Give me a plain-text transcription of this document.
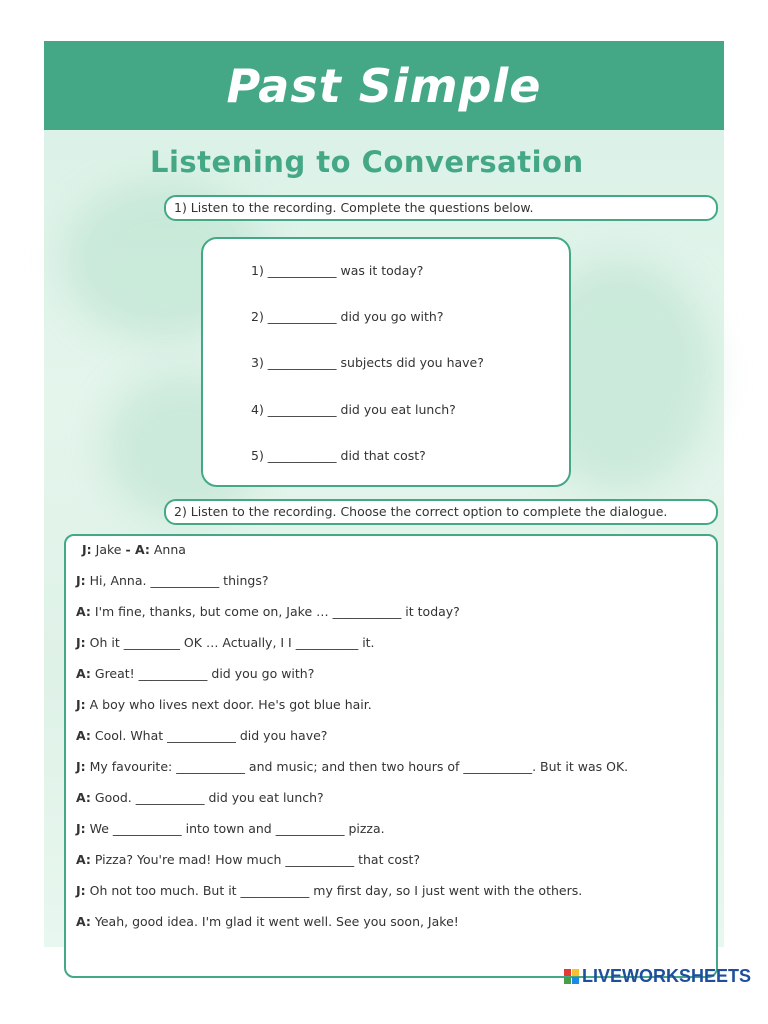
Past Simple
Listening to Conversation
1) Listen to the recording. Complete the questions below.
1) ___________ was it today?
2) ___________ did you go with?
3) ___________ subjects did you have?
4) ___________ did you eat lunch?
5) ___________ did that cost?
2) Listen to the recording. Choose the correct option to complete the dialogue.
J: Jake - A: Anna
J: Hi, Anna. ___________ things?
A: I'm fine, thanks, but come on, Jake … ___________ it today?
J: Oh it _________ OK … Actually, I I __________ it.
A: Great! ___________ did you go with?
J: A boy who lives next door. He's got blue hair.
A: Cool. What ___________ did you have?
J: My favourite: ___________ and music; and then two hours of ___________. But it was OK.
A: Good. ___________ did you eat lunch?
J: We ___________ into town and ___________ pizza.
A: Pizza? You're mad! How much ___________ that cost?
J: Oh not too much. But it ___________ my first day, so I just went with the others.
A: Yeah, good idea. I'm glad it went well. See you soon, Jake!
LIVEWORKSHEETS
